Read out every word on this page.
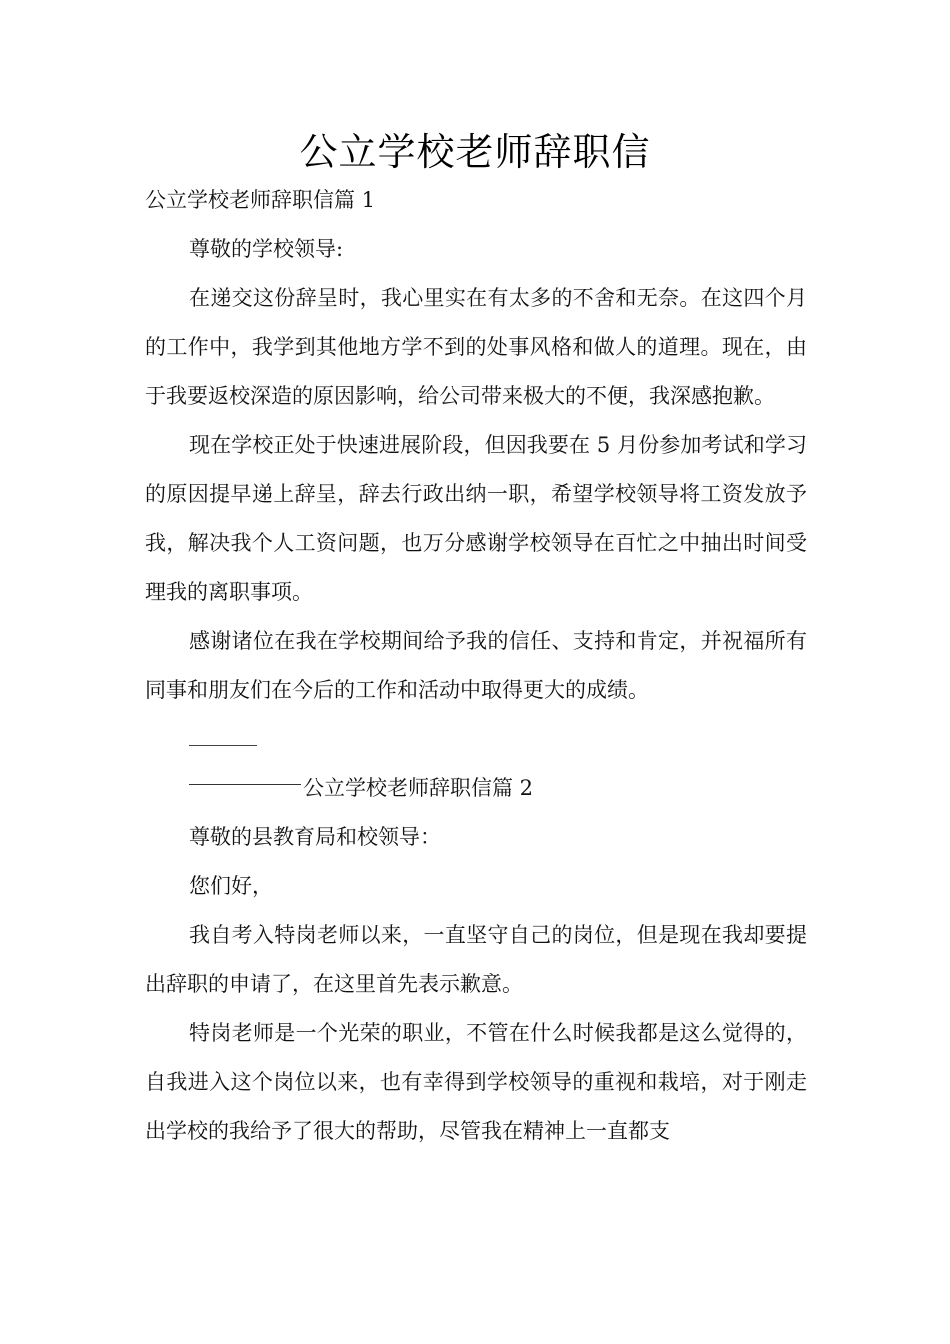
公立学校老师辞职信

公立学校老师辞职信篇 1

尊敬的学校领导:

在递交这份辞呈时，我心里实在有太多的不舍和无奈。在这四个月的工作中，我学到其他地方学不到的处事风格和做人的道理。现在，由于我要返校深造的原因影响，给公司带来极大的不便，我深感抱歉。

现在学校正处于快速进展阶段，但因我要在 5 月份参加考试和学习的原因提早递上辞呈，辞去行政出纳一职，希望学校领导将工资发放予我，解决我个人工资问题，也万分感谢学校领导在百忙之中抽出时间受理我的离职事项。

感谢诸位在我在学校期间给予我的信任、支持和肯定，并祝福所有同事和朋友们在今后的工作和活动中取得更大的成绩。

公立学校老师辞职信篇 2

尊敬的县教育局和校领导：

您们好，

我自考入特岗老师以来，一直坚守自己的岗位，但是现在我却要提出辞职的申请了，在这里首先表示歉意。

特岗老师是一个光荣的职业，不管在什么时候我都是这么觉得的，自我进入这个岗位以来，也有幸得到学校领导的重视和栽培，对于刚走出学校的我给予了很大的帮助，尽管我在精神上一直都支
